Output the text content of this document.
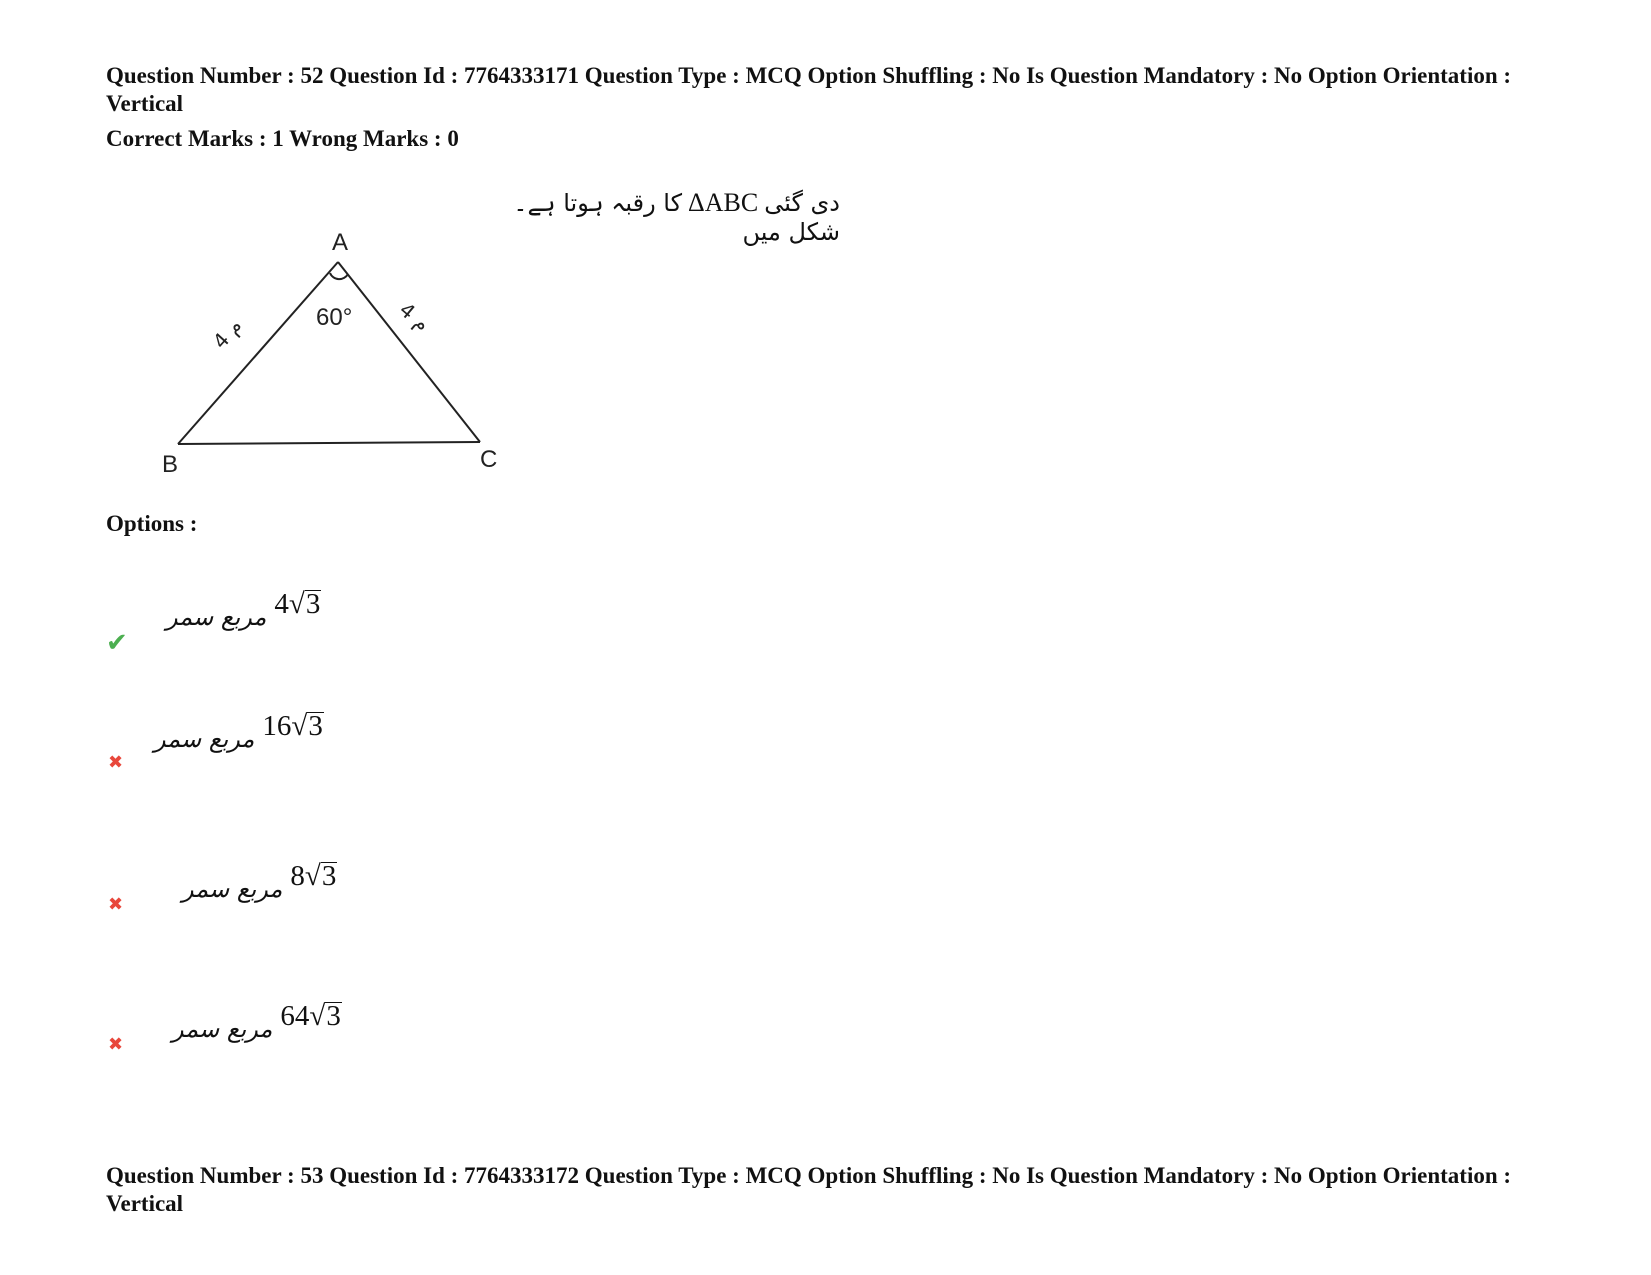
Question Number : 52 Question Id : 7764333171 Question Type : MCQ Option Shuffling : No Is Question Mandatory : No Option Orientation : Vertical
Correct Marks : 1 Wrong Marks : 0
کا رقبہ ہوتا ہے۔ ΔABC دی گئی شکل میں
A
B	C
60°
4 م	4 م
Options :
✔
مربع سمر 4√3
✖
مربع سمر 16√3
✖
مربع سمر 8√3
✖
مربع سمر 64√3
Question Number : 53 Question Id : 7764333172 Question Type : MCQ Option Shuffling : No Is Question Mandatory : No Option Orientation : Vertical
